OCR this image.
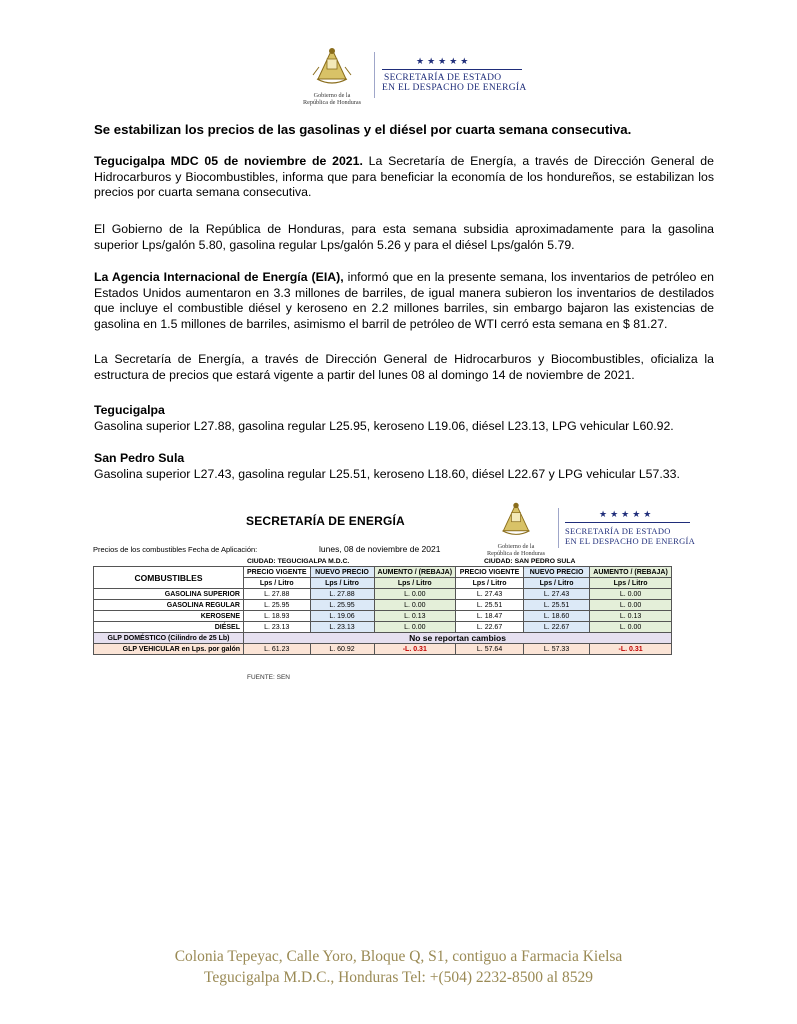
Gobierno de la
República de Honduras
★★★★★
SECRETARÍA DE ESTADO
EN EL DESPACHO DE ENERGÍA
Se estabilizan los precios de las gasolinas y el diésel por cuarta semana consecutiva.
Tegucigalpa MDC 05 de noviembre de 2021. La Secretaría de Energía, a través de Dirección General de Hidrocarburos y Biocombustibles, informa que para beneficiar la economía de los hondureños, se estabilizan los precios por cuarta semana consecutiva.
El Gobierno de la República de Honduras, para esta semana subsidia aproximadamente para la gasolina superior Lps/galón 5.80, gasolina regular Lps/galón 5.26 y para el diésel Lps/galón 5.79.
La Agencia Internacional de Energía (EIA), informó que en la presente semana, los inventarios de petróleo en Estados Unidos aumentaron en 3.3 millones de barriles, de igual manera subieron los inventarios de destilados que incluye el combustible diésel y keroseno en 2.2 millones barriles, sin embargo bajaron las existencias de gasolina en 1.5 millones de barriles, asimismo el barril de petróleo de WTI cerró esta semana en $ 81.27.
La Secretaría de Energía, a través de Dirección General de Hidrocarburos y Biocombustibles, oficializa la estructura de precios que estará vigente a partir del lunes 08 al domingo 14 de noviembre de 2021.
Tegucigalpa
Gasolina superior L27.88, gasolina regular L25.95, keroseno L19.06, diésel L23.13, LPG vehicular L60.92.
San Pedro Sula
Gasolina superior L27.43, gasolina regular L25.51, keroseno L18.60, diésel L22.67 y LPG vehicular L57.33.
SECRETARÍA DE ENERGÍA
Gobierno de la
República de Honduras
★★★★★
SECRETARÍA DE ESTADO
EN EL DESPACHO DE ENERGÍA
Precios de los combustibles Fecha de Aplicación:	lunes, 08 de noviembre de 2021
CIUDAD: TEGUCIGALPA M.D.C.	CIUDAD: SAN PEDRO SULA
COMBUSTIBLES	PRECIO VIGENTE	NUEVO PRECIO	AUMENTO / (REBAJA)	PRECIO VIGENTE	NUEVO PRECIO	AUMENTO / (REBAJA)
	Lps / Litro	Lps / Litro	Lps / Litro	Lps / Litro	Lps / Litro	Lps / Litro
GASOLINA SUPERIOR	L. 27.88	L. 27.88	L. 0.00	L. 27.43	L. 27.43	L. 0.00
GASOLINA REGULAR	L. 25.95	L. 25.95	L. 0.00	L. 25.51	L. 25.51	L. 0.00
KEROSENE	L. 18.93	L. 19.06	L. 0.13	L. 18.47	L. 18.60	L. 0.13
DIÉSEL	L. 23.13	L. 23.13	L. 0.00	L. 22.67	L. 22.67	L. 0.00
GLP DOMÉSTICO (Cilindro de 25 Lb)	No se reportan cambios					
GLP VEHICULAR en Lps. por galón	L. 61.23	L. 60.92	-L. 0.31	L. 57.64	L. 57.33	-L. 0.31
FUENTE: SEN
Colonia Tepeyac, Calle Yoro, Bloque Q, S1, contiguo a Farmacia Kielsa
Tegucigalpa M.D.C., Honduras Tel: +(504) 2232-8500 al 8529
